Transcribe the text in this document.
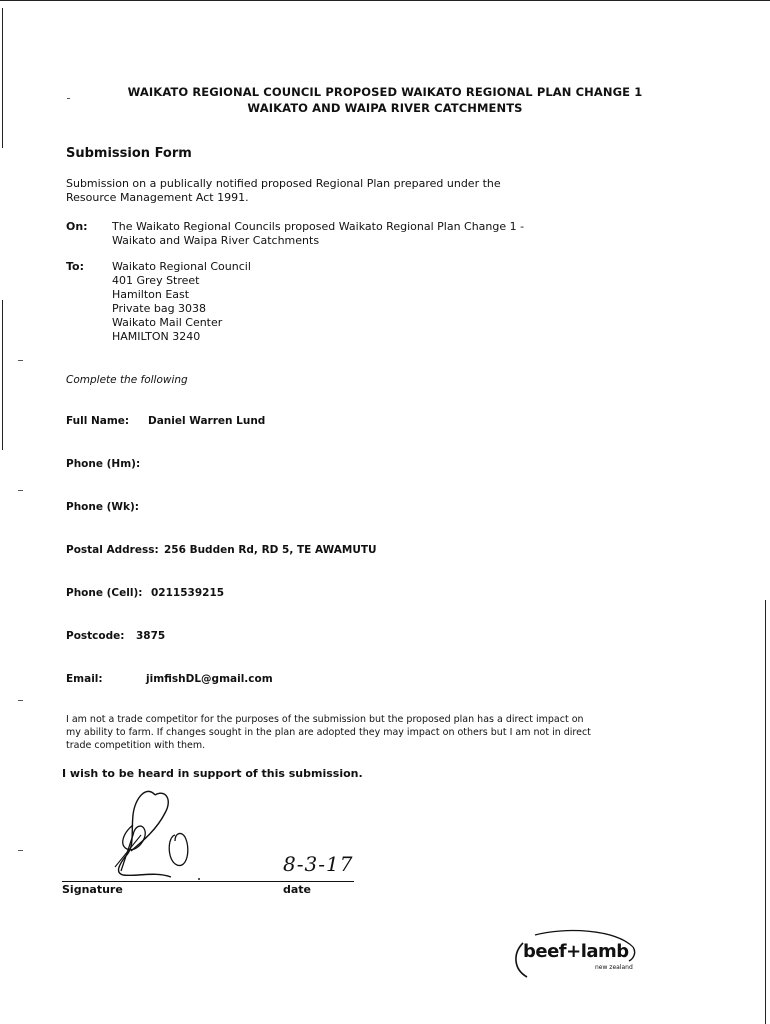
WAIKATO REGIONAL COUNCIL PROPOSED WAIKATO REGIONAL PLAN CHANGE 1
WAIKATO AND WAIPA RIVER CATCHMENTS
Submission Form
Submission on a publically notified proposed Regional Plan prepared under the
Resource Management Act 1991.
On: The Waikato Regional Councils proposed Waikato Regional Plan Change 1 -
Waikato and Waipa River Catchments
To:	Waikato Regional Council
401 Grey Street
Hamilton East
Private bag 3038
Waikato Mail Center
HAMILTON 3240
Complete the following
Full Name: Daniel Warren Lund
Phone (Hm):
Phone (Wk):
Postal Address: 256 Budden Rd, RD 5, TE AWAMUTU
Phone (Cell): 0211539215
Postcode: 3875
Email:	jimfishDL@gmail.com
I am not a trade competitor for the purposes of the submission but the proposed plan has a direct impact on
my ability to farm. If changes sought in the plan are adopted they may impact on others but I am not in direct
trade competition with them.
I wish to be heard in support of this submission.
Signature	date
8-3-17
beef+lamb
new zealand
